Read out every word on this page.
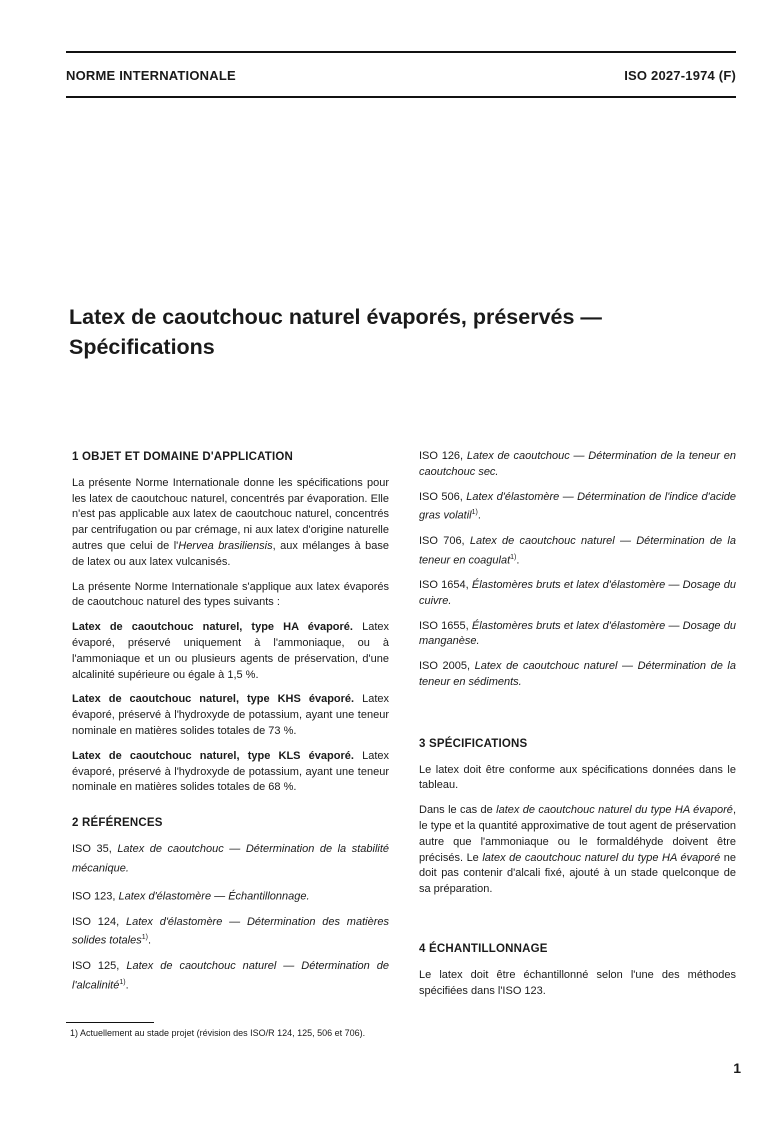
NORME INTERNATIONALE	ISO 2027-1974 (F)
Latex de caoutchouc naturel évaporés, préservés —
Spécifications
1 OBJET ET DOMAINE D'APPLICATION

La présente Norme Internationale donne les spécifications pour les latex de caoutchouc naturel, concentrés par évaporation. Elle n'est pas applicable aux latex de caoutchouc naturel, concentrés par centrifugation ou par crémage, ni aux latex d'origine naturelle autres que celui de l'Hervea brasiliensis, aux mélanges à base de latex ou aux latex vulcanisés.

La présente Norme Internationale s'applique aux latex évaporés de caoutchouc naturel des types suivants :

Latex de caoutchouc naturel, type HA évaporé. Latex évaporé, préservé uniquement à l'ammoniaque, ou à l'ammoniaque et un ou plusieurs agents de préservation, d'une alcalinité supérieure ou égale à 1,5 %.

Latex de caoutchouc naturel, type KHS évaporé. Latex évaporé, préservé à l'hydroxyde de potassium, ayant une teneur nominale en matières solides totales de 73 %.

Latex de caoutchouc naturel, type KLS évaporé. Latex évaporé, préservé à l'hydroxyde de potassium, ayant une teneur nominale en matières solides totales de 68 %.

2 RÉFÉRENCES

ISO 35, Latex de caoutchouc — Détermination de la stabilité mécanique.

ISO 123, Latex d'élastomère — Échantillonnage.

ISO 124, Latex d'élastomère — Détermination des matières solides totales$^{1)}$.

ISO 125, Latex de caoutchouc naturel — Détermination de l'alcalinité$^{1)}$.

ISO 126, Latex de caoutchouc — Détermination de la teneur en caoutchouc sec.

ISO 506, Latex d'élastomère — Détermination de l'indice d'acide gras volatil$^{1)}$.

ISO 706, Latex de caoutchouc naturel — Détermination de la teneur en coagulat$^{1)}$.

ISO 1654, Élastomères bruts et latex d'élastomère — Dosage du cuivre.

ISO 1655, Élastomères bruts et latex d'élastomère — Dosage du manganèse.

ISO 2005, Latex de caoutchouc naturel — Détermination de la teneur en sédiments.

3 SPÉCIFICATIONS

Le latex doit être conforme aux spécifications données dans le tableau.

Dans le cas de latex de caoutchouc naturel du type HA évaporé, le type et la quantité approximative de tout agent de préservation autre que l'ammoniaque ou le formaldéhyde doivent être précisés. Le latex de caoutchouc naturel du type HA évaporé ne doit pas contenir d'alcali fixé, ajouté à un stade quelconque de sa préparation.

4 ÉCHANTILLONNAGE

Le latex doit être échantillonné selon l'une des méthodes spécifiées dans l'ISO 123.

1) Actuellement au stade projet (révision des ISO/R 124, 125, 506 et 706).
1
